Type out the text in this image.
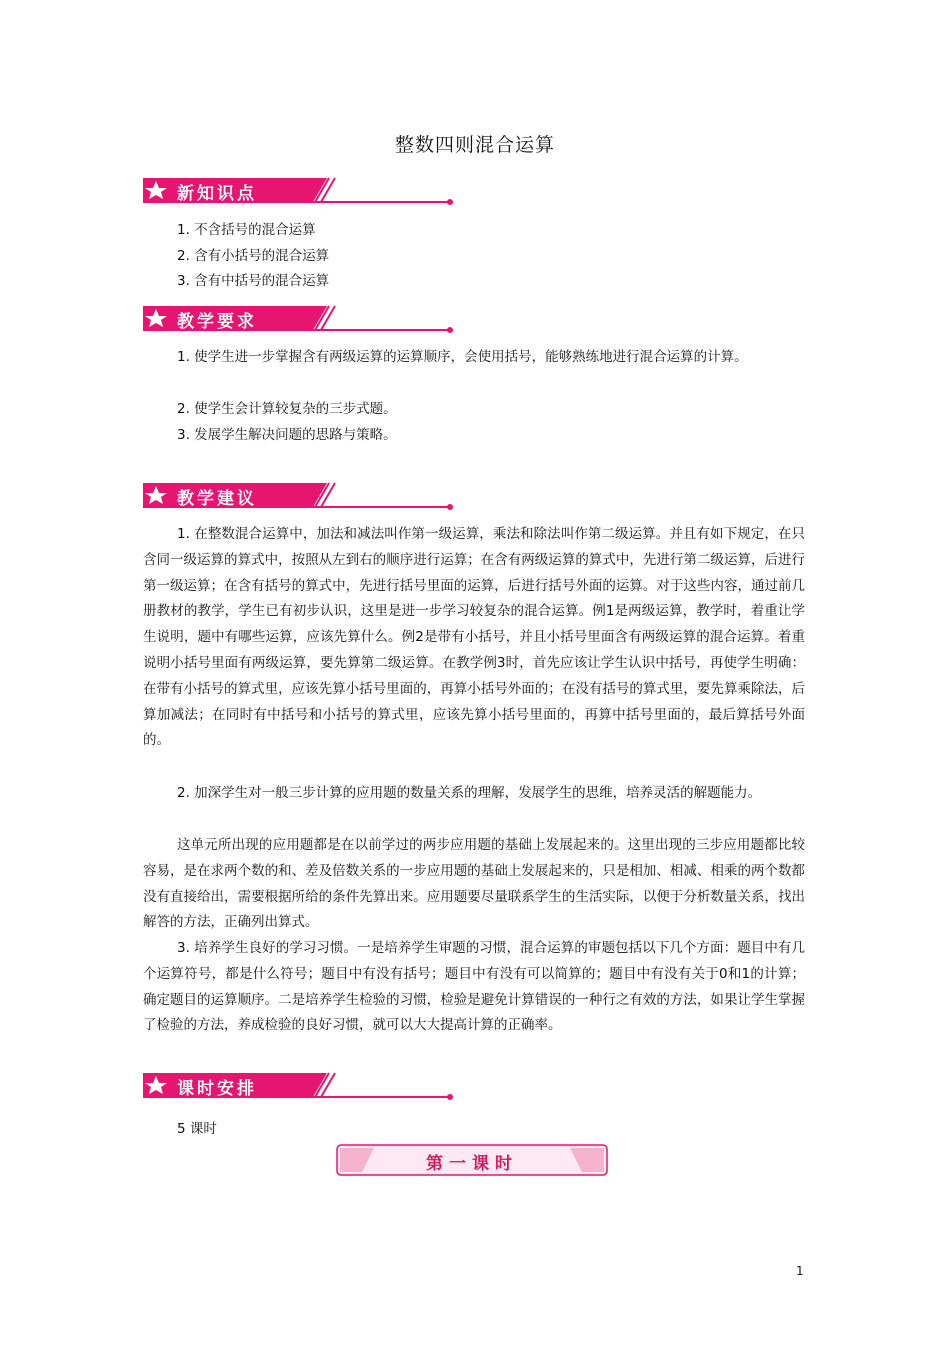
整数四则混合运算
新知识点
1. 不含括号的混合运算
2. 含有小括号的混合运算
3. 含有中括号的混合运算
教学要求
1. 使学生进一步掌握含有两级运算的运算顺序，会使用括号，能够熟练地进行混合运算的计算。
2. 使学生会计算较复杂的三步式题。
3. 发展学生解决问题的思路与策略。
教学建议
1. 在整数混合运算中，加法和减法叫作第一级运算，乘法和除法叫作第二级运算。并且有如下规定，在只含同一级运算的算式中，按照从左到右的顺序进行运算；在含有两级运算的算式中，先进行第二级运算，后进行第一级运算；在含有括号的算式中，先进行括号里面的运算，后进行括号外面的运算。对于这些内容，通过前几册教材的教学，学生已有初步认识，这里是进一步学习较复杂的混合运算。例1是两级运算，教学时，着重让学生说明，题中有哪些运算，应该先算什么。例2是带有小括号，并且小括号里面含有两级运算的混合运算。着重说明小括号里面有两级运算，要先算第二级运算。在教学例3时，首先应该让学生认识中括号，再使学生明确：在带有小括号的算式里，应该先算小括号里面的，再算小括号外面的；在没有括号的算式里，要先算乘除法，后算加减法；在同时有中括号和小括号的算式里，应该先算小括号里面的，再算中括号里面的，最后算括号外面的。
2. 加深学生对一般三步计算的应用题的数量关系的理解，发展学生的思维，培养灵活的解题能力。
这单元所出现的应用题都是在以前学过的两步应用题的基础上发展起来的。这里出现的三步应用题都比较容易，是在求两个数的和、差及倍数关系的一步应用题的基础上发展起来的，只是相加、相减、相乘的两个数都没有直接给出，需要根据所给的条件先算出来。应用题要尽量联系学生的生活实际，以便于分析数量关系，找出解答的方法，正确列出算式。
3. 培养学生良好的学习习惯。一是培养学生审题的习惯，混合运算的审题包括以下几个方面：题目中有几个运算符号，都是什么符号；题目中有没有括号；题目中有没有可以简算的；题目中有没有关于0和1的计算；确定题目的运算顺序。二是培养学生检验的习惯，检验是避免计算错误的一种行之有效的方法，如果让学生掌握了检验的方法，养成检验的良好习惯，就可以大大提高计算的正确率。
课时安排
5 课时
第一课时
1
